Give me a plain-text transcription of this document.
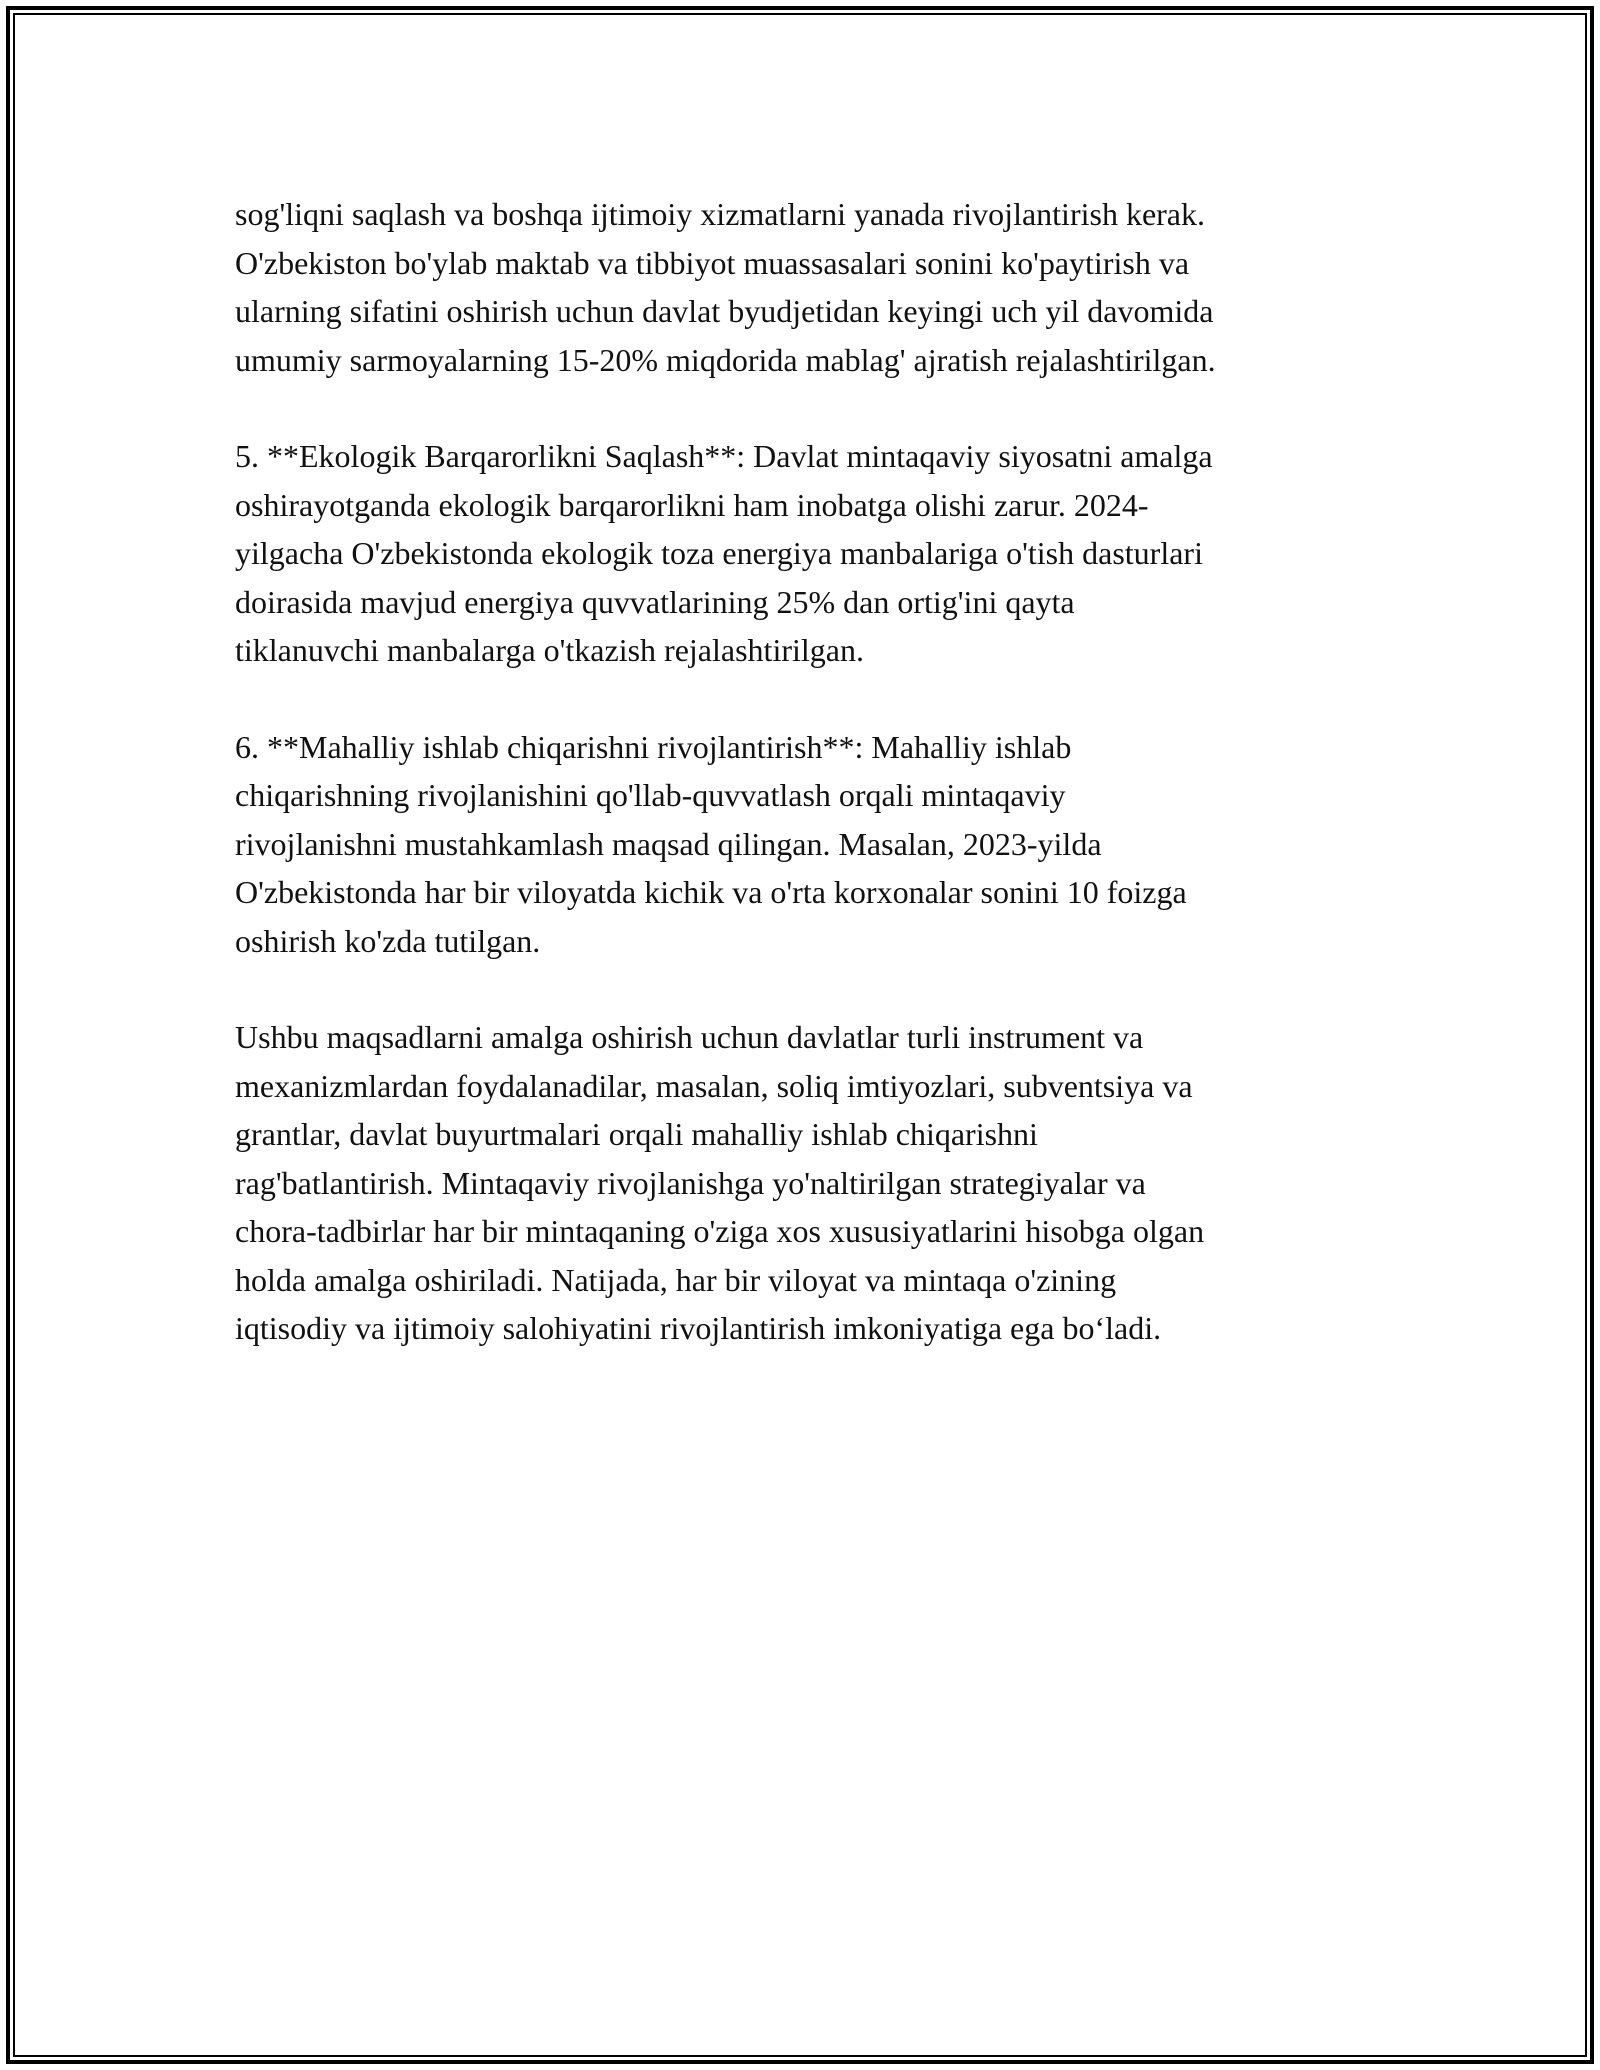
sog'liqni saqlash va boshqa ijtimoiy xizmatlarni yanada rivojlantirish kerak.
O'zbekiston bo'ylab maktab va tibbiyot muassasalari sonini ko'paytirish va
ularning sifatini oshirish uchun davlat byudjetidan keyingi uch yil davomida
umumiy sarmoyalarning 15-20% miqdorida mablag' ajratish rejalashtirilgan.

5. **Ekologik Barqarorlikni Saqlash**: Davlat mintaqaviy siyosatni amalga
oshirayotganda ekologik barqarorlikni ham inobatga olishi zarur. 2024-
yilgacha O'zbekistonda ekologik toza energiya manbalariga o'tish dasturlari
doirasida mavjud energiya quvvatlarining 25% dan ortig'ini qayta
tiklanuvchi manbalarga o'tkazish rejalashtirilgan.

6. **Mahalliy ishlab chiqarishni rivojlantirish**: Mahalliy ishlab
chiqarishning rivojlanishini qo'llab-quvvatlash orqali mintaqaviy
rivojlanishni mustahkamlash maqsad qilingan. Masalan, 2023-yilda
O'zbekistonda har bir viloyatda kichik va o'rta korxonalar sonini 10 foizga
oshirish ko'zda tutilgan.

Ushbu maqsadlarni amalga oshirish uchun davlatlar turli instrument va
mexanizmlardan foydalanadilar, masalan, soliq imtiyozlari, subventsiya va
grantlar, davlat buyurtmalari orqali mahalliy ishlab chiqarishni
rag'batlantirish. Mintaqaviy rivojlanishga yo'naltirilgan strategiyalar va
chora-tadbirlar har bir mintaqaning o'ziga xos xususiyatlarini hisobga olgan
holda amalga oshiriladi. Natijada, har bir viloyat va mintaqa o'zining
iqtisodiy va ijtimoiy salohiyatini rivojlantirish imkoniyatiga ega bo‘ladi.
